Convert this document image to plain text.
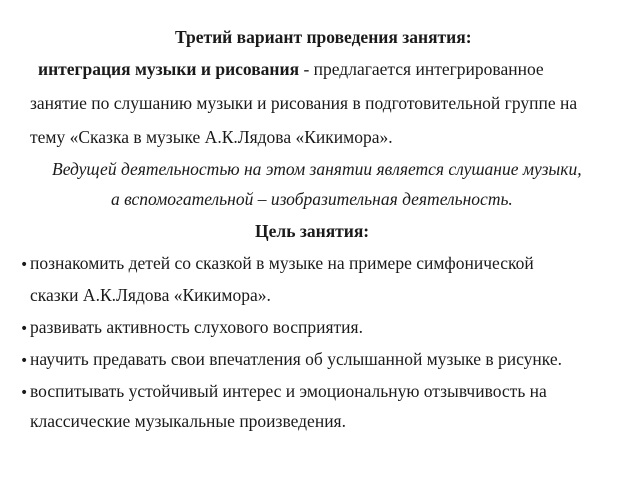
Третий вариант проведения занятия:
интеграция музыки и рисования - предлагается интегрированное
занятие по слушанию музыки и рисования в подготовительной группе на
тему «Сказка в музыке А.К.Лядова «Кикимора».
Ведущей деятельностью на этом занятии является слушание музыки,
а вспомогательной – изобразительная деятельность.
Цель занятия:
•познакомить детей со сказкой в музыке на примере симфонической
сказки А.К.Лядова «Кикимора».
•развивать активность слухового восприятия.
•научить предавать свои впечатления об услышанной музыке в рисунке.
•воспитывать устойчивый интерес и эмоциональную отзывчивость на
классические музыкальные произведения.
